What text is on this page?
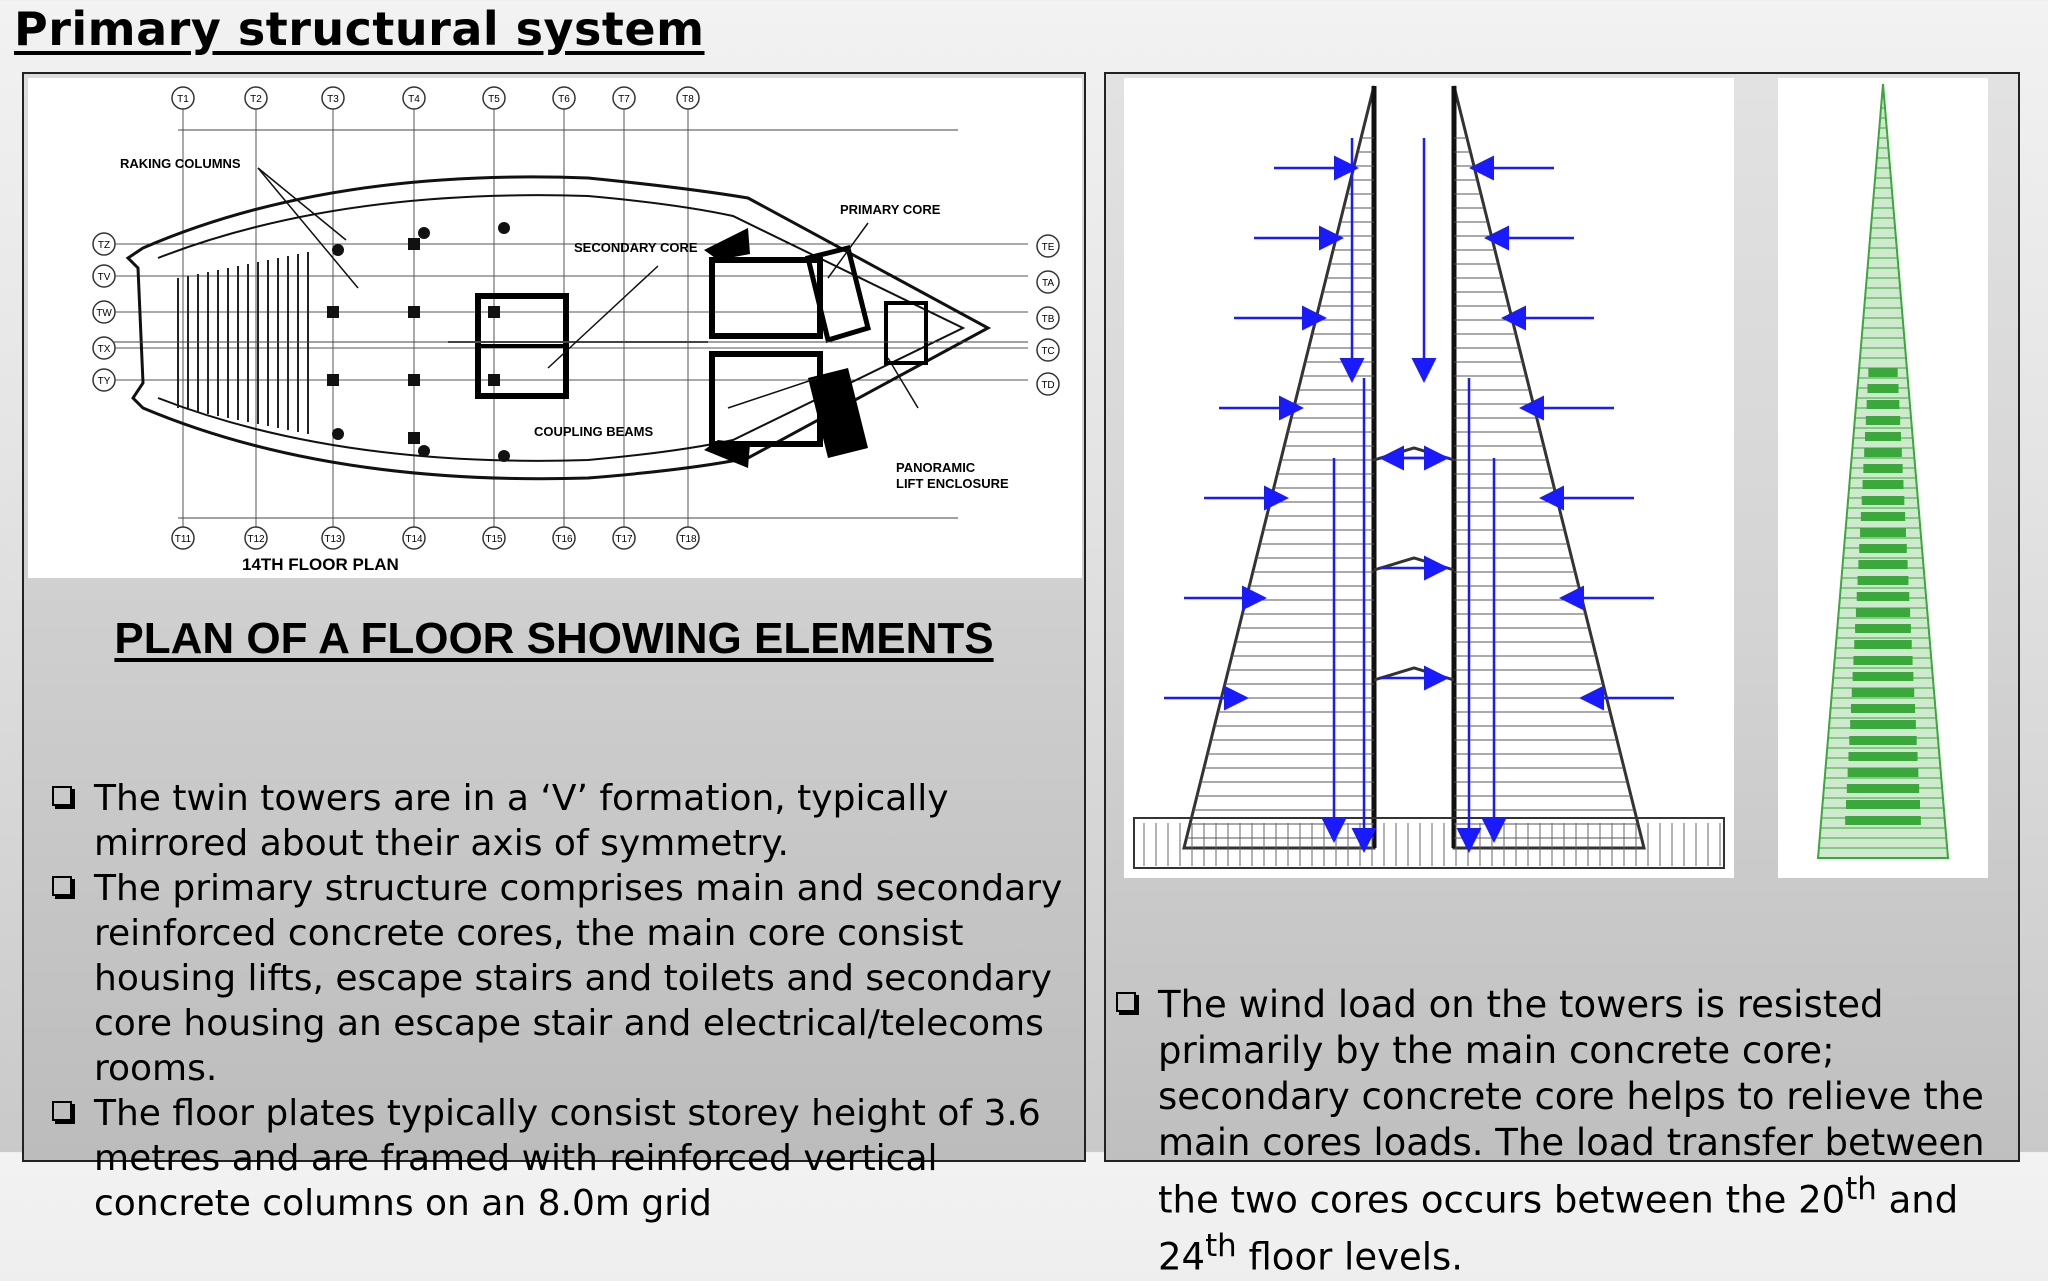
Primary structural system
RAKING COLUMNS
PRIMARY CORE
SECONDARY CORE
COUPLING BEAMS
PANORAMIC
LIFT ENCLOSURE
14TH FLOOR PLAN
T1	T2	T3	T4	T5	T6	T7	T8
T11	T12	T13	T14	T15	T16	T17	T18
TZ
TV
TW
TX
TY
TE
TA
TB
TC
TD
PLAN OF A FLOOR SHOWING ELEMENTS
The twin towers are in a ‘V’ formation, typically mirrored about their axis of symmetry.
The primary structure comprises main and secondary reinforced concrete cores, the main core consist housing lifts, escape stairs and toilets and secondary core housing an escape stair and electrical/telecoms rooms.
The floor plates typically consist storey height of 3.6 metres and are framed with reinforced vertical concrete columns on an 8.0m grid
The wind load on the towers is resisted primarily by the main concrete core; secondary concrete core helps to relieve the main cores loads. The load transfer between the two cores occurs between the 20th and 24th floor levels.
